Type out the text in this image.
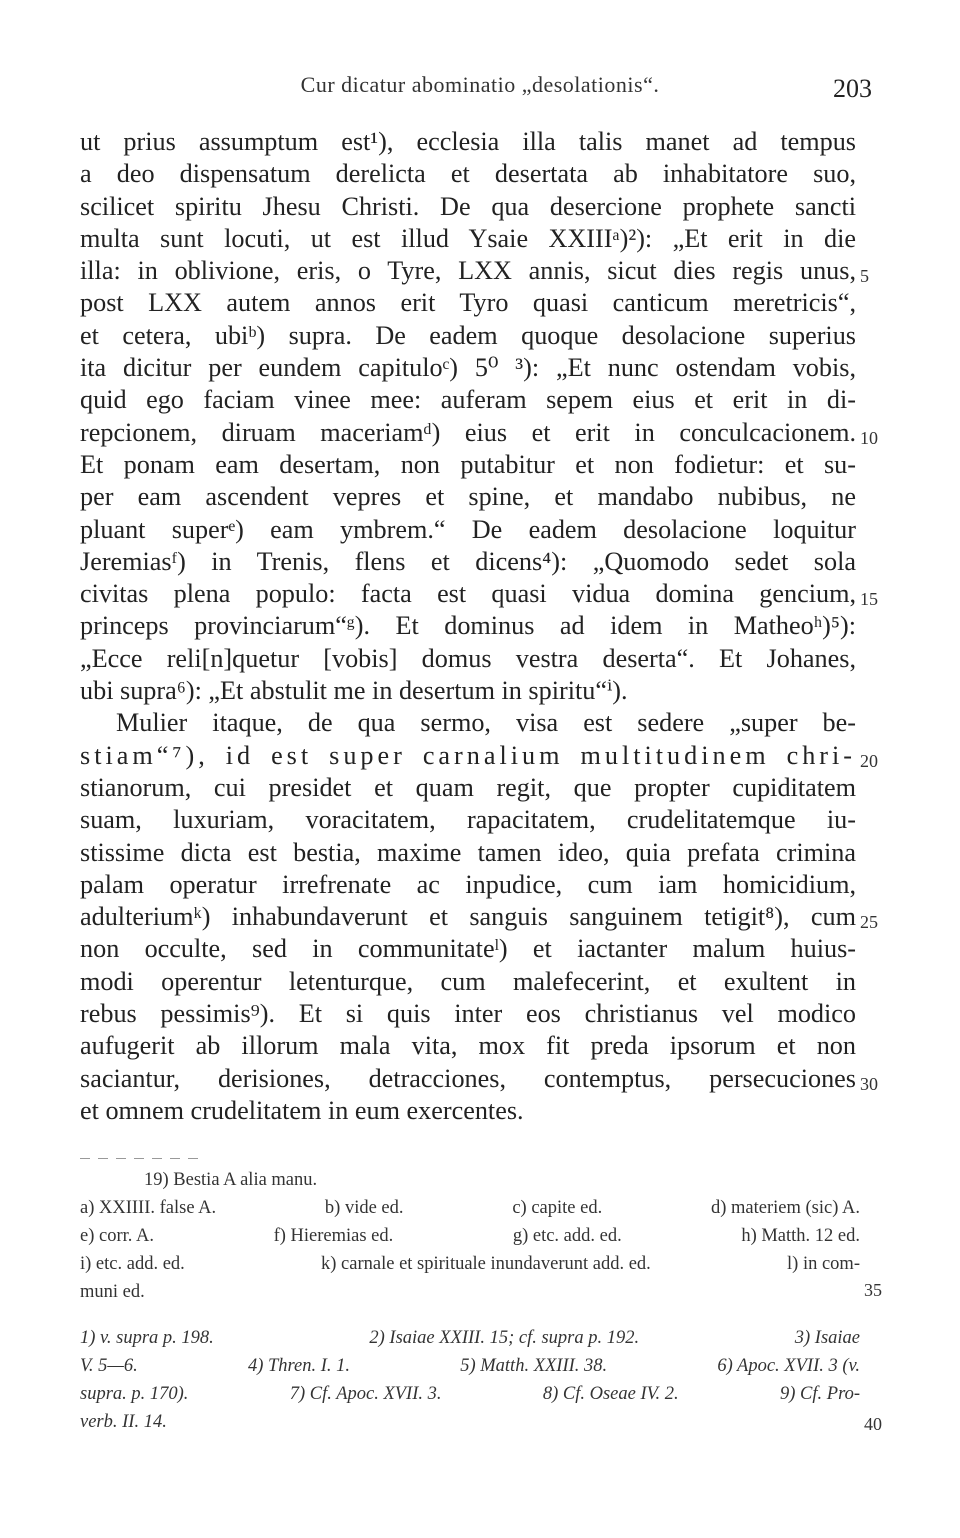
Cur dicatur abominatio „desolationis“.	203
ut prius assumptum est¹), ecclesia illa talis manet ad tempus
a deo dispensatum derelicta et desertata ab inhabitatore suo,
scilicet spiritu Jhesu Christi. De qua desercione prophete sancti
multa sunt locuti, ut est illud Ysaie XXIIIᵃ)²): „Et erit in die
illa: in oblivione, eris, o Tyre, LXX annis, sicut dies regis unus,
post LXX autem annos erit Tyro quasi canticum meretricis“,
et cetera, ubiᵇ) supra. De eadem quoque desolacione superius
ita dicitur per eundem capituloᶜ) 5⁰ ³): „Et nunc ostendam vobis,
quid ego faciam vinee mee: auferam sepem eius et erit in di-
repcionem, diruam maceriamᵈ) eius et erit in conculcacionem.
Et ponam eam desertam, non putabitur et non fodietur: et su-
per eam ascendent vepres et spine, et mandabo nubibus, ne
pluant superᵉ) eam ymbrem.“ De eadem desolacione loquitur
Jeremiasᶠ) in Trenis, flens et dicens⁴): „Quomodo sedet sola
civitas plena populo: facta est quasi vidua domina gencium,
princeps provinciarum“ᵍ). Et dominus ad idem in Matheoʰ)⁵):
„Ecce reli[n]quetur [vobis] domus vestra deserta“. Et Johanes,
ubi supra⁶): „Et abstulit me in desertum in spiritu“ⁱ).
Mulier itaque, de qua sermo, visa est sedere „super be-
stiam“⁷), id est super carnalium multitudinem chri-
stianorum, cui presidet et quam regit, que propter cupiditatem
suam, luxuriam, voracitatem, rapacitatem, crudelitatemque iu-
stissime dicta est bestia, maxime tamen ideo, quia prefata crimina
palam operatur irrefrenate ac inpudice, cum iam homicidium,
adulteriumᵏ) inhabundaverunt et sanguis sanguinem tetigit⁸), cum
non occulte, sed in communitateˡ) et iactanter malum huius-
modi operentur letenturque, cum malefecerint, et exultent in
rebus pessimis⁹). Et si quis inter eos christianus vel modico
aufugerit ab illorum mala vita, mox fit preda ipsorum et non
saciantur, derisiones, detracciones, contemptus, persecuciones
et omnem crudelitatem in eum exercentes.
5
10
15
20
25
30
19) Bestia A alia manu.
a) XXIIII. false A.	b) vide ed.	c) capite ed.	d) materiem (sic) A.
e) corr. A.	f) Hieremias ed.	g) etc. add. ed.	h) Matth. 12 ed.
i) etc. add. ed.	k) carnale et spirituale inundaverunt add. ed.	l) in com-
muni ed.	35
1) v. supra p. 198.	2) Isaiae XXIII. 15; cf. supra p. 192.	3) Isaiae
V. 5—6.	4) Thren. I. 1.	5) Matth. XXIII. 38.	6) Apoc. XVII. 3 (v.
supra. p. 170).	7) Cf. Apoc. XVII. 3.	8) Cf. Oseae IV. 2.	9) Cf. Pro-
verb. II. 14.	40
